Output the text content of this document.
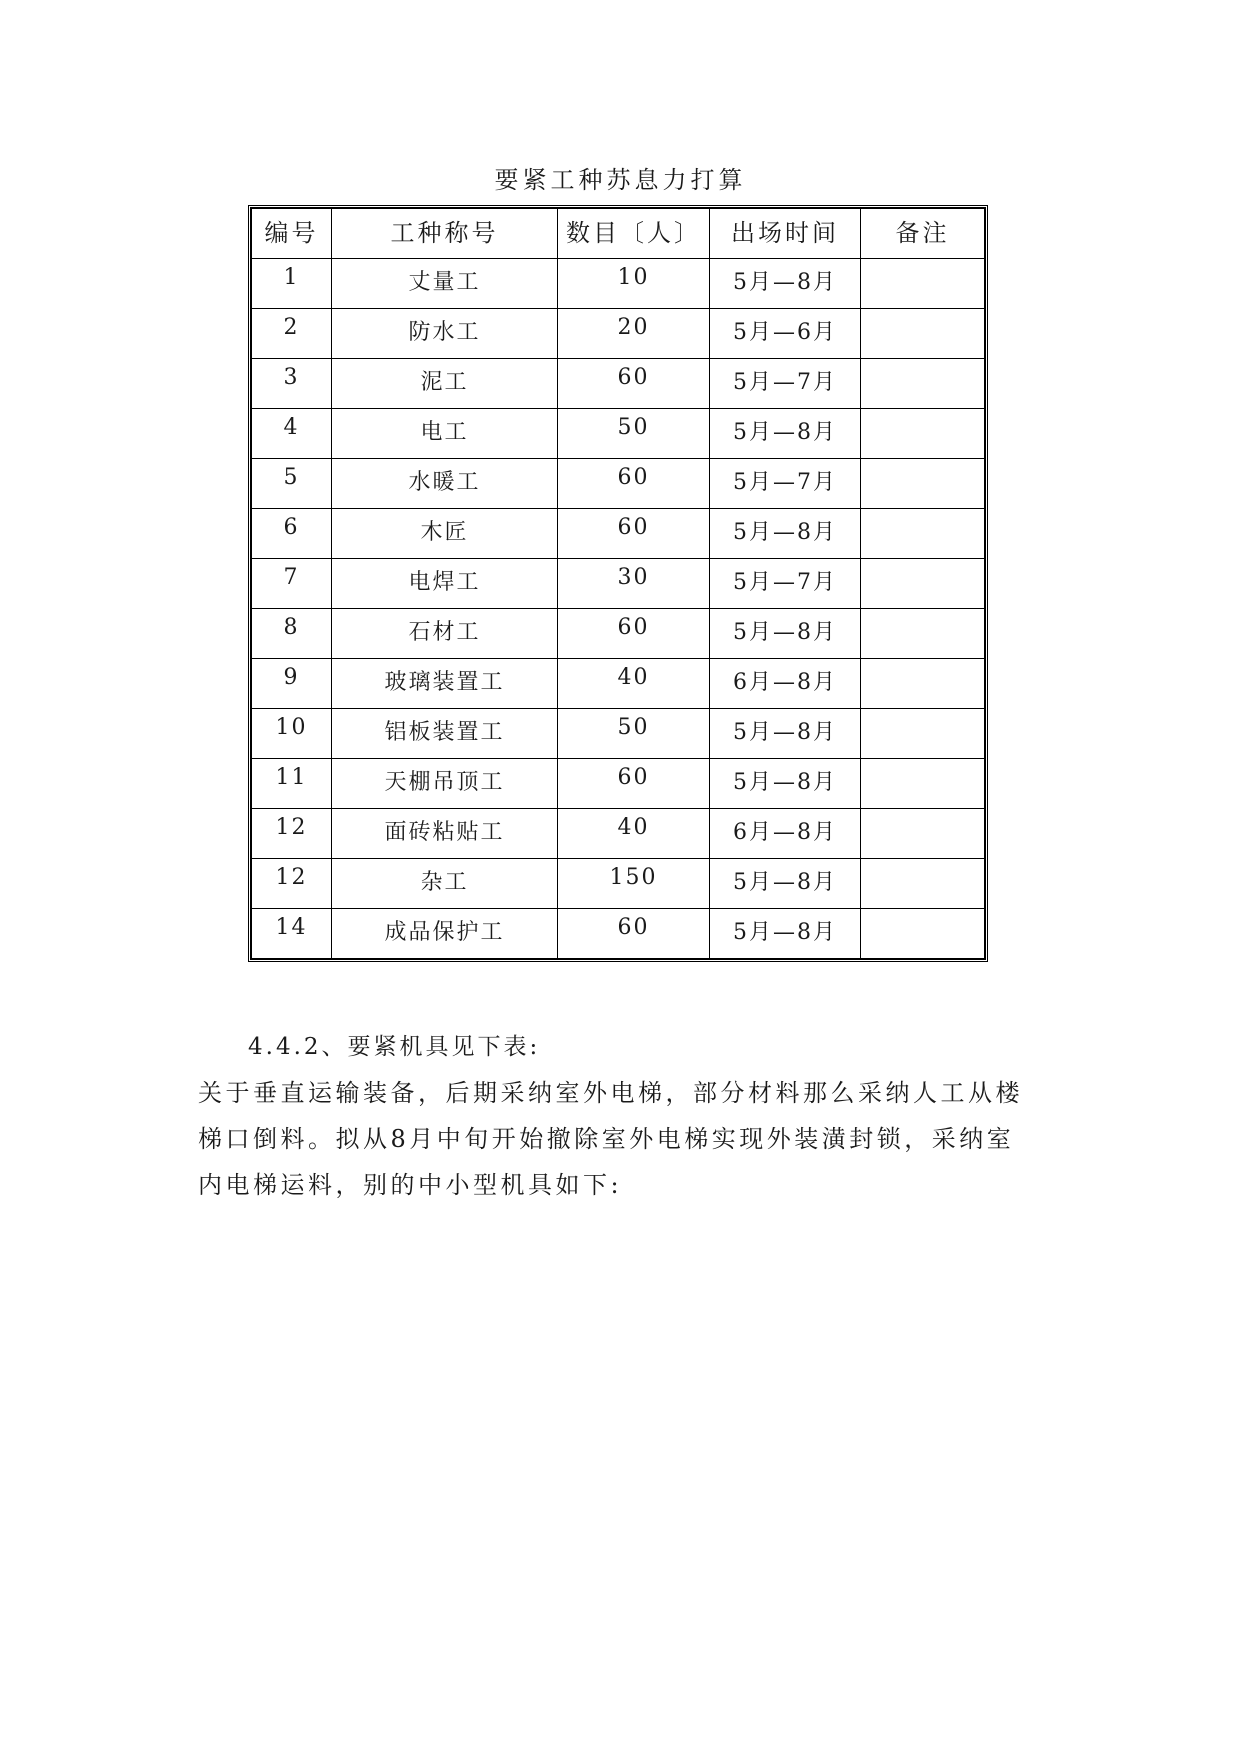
要紧工种苏息力打算
编号	工种称号	数目〔人〕	出场时间	备注
1	丈量工	10	5月—8月	
2	防水工	20	5月—6月	
3	泥工	60	5月—7月	
4	电工	50	5月—8月	
5	水暖工	60	5月—7月	
6	木匠	60	5月—8月	
7	电焊工	30	5月—7月	
8	石材工	60	5月—8月	
9	玻璃装置工	40	6月—8月	
10	铝板装置工	50	5月—8月	
11	天棚吊顶工	60	5月—8月	
12	面砖粘贴工	40	6月—8月	
12	杂工	150	5月—8月	
14	成品保护工	60	5月—8月	
4.4.2、要紧机具见下表:
关于垂直运输装备，后期采纳室外电梯，部分材料那么采纳人工从楼梯口倒料。拟从8月中旬开始撤除室外电梯实现外装潢封锁，采纳室内电梯运料，别的中小型机具如下:
